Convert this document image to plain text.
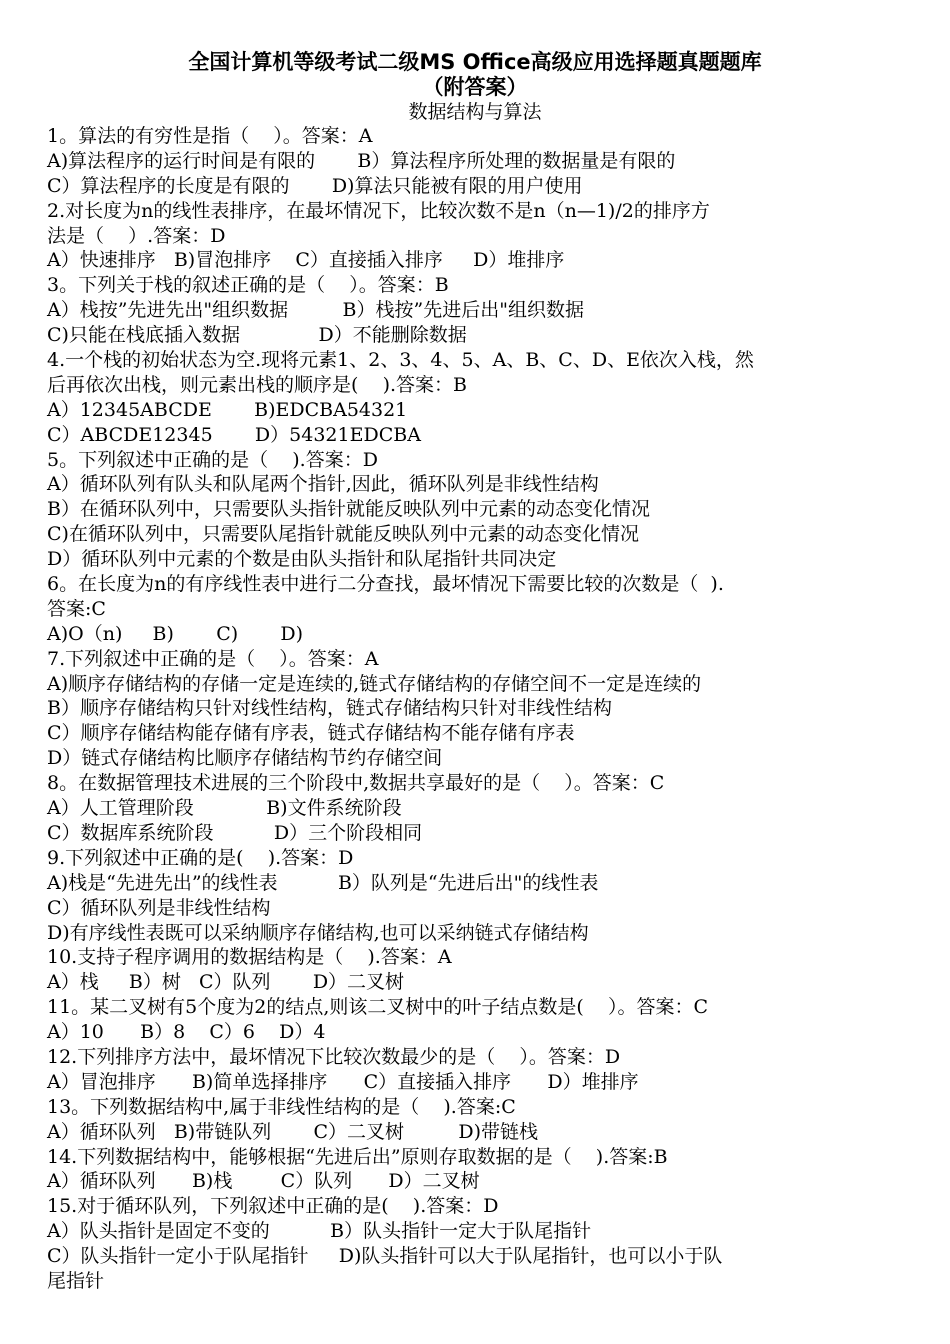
全国计算机等级考试二级MS Office高级应用选择题真题题库
（附答案）
数据结构与算法
1。算法的有穷性是指（    ）。答案：A
A)算法程序的运行时间是有限的       B）算法程序所处理的数据量是有限的
C）算法程序的长度是有限的       D)算法只能被有限的用户使用
2.对长度为n的线性表排序，在最坏情况下，比较次数不是n（n—1)/2的排序方
法是（    ）.答案：D
A）快速排序   B)冒泡排序    C）直接插入排序     D）堆排序
3。下列关于栈的叙述正确的是（    ）。答案：B
A）栈按”先进先出"组织数据         B）栈按”先进后出"组织数据
C)只能在栈底插入数据             D）不能删除数据
4.一个栈的初始状态为空.现将元素1、2、3、4、5、A、B、C、D、E依次入栈，然
后再依次出栈，则元素出栈的顺序是(    ).答案：B
A）12345ABCDE       B)EDCBA54321
C）ABCDE12345       D）54321EDCBA
5。下列叙述中正确的是（    ).答案：D
A）循环队列有队头和队尾两个指针,因此，循环队列是非线性结构
B）在循环队列中，只需要队头指针就能反映队列中元素的动态变化情况
C)在循环队列中，只需要队尾指针就能反映队列中元素的动态变化情况
D）循环队列中元素的个数是由队头指针和队尾指针共同决定
6。在长度为n的有序线性表中进行二分查找，最坏情况下需要比较的次数是（  ).
答案:C
A)O（n)     B)       C)       D)
7.下列叙述中正确的是（    ）。答案：A
A)顺序存储结构的存储一定是连续的,链式存储结构的存储空间不一定是连续的
B）顺序存储结构只针对线性结构，链式存储结构只针对非线性结构
C）顺序存储结构能存储有序表，链式存储结构不能存储有序表
D）链式存储结构比顺序存储结构节约存储空间
8。在数据管理技术进展的三个阶段中,数据共享最好的是（    ）。答案：C
A）人工管理阶段            B)文件系统阶段
C）数据库系统阶段          D）三个阶段相同
9.下列叙述中正确的是(    ).答案：D
A)栈是“先进先出”的线性表          B）队列是“先进后出"的线性表
C）循环队列是非线性结构
D)有序线性表既可以采纳顺序存储结构,也可以采纳链式存储结构
10.支持子程序调用的数据结构是（    ).答案：A
A）栈     B）树   C）队列       D）二叉树
11。某二叉树有5个度为2的结点,则该二叉树中的叶子结点数是(    ）。答案：C
A）10      B）8    C）6    D）4
12.下列排序方法中，最坏情况下比较次数最少的是（    ）。答案：D
A）冒泡排序      B)简单选择排序      C）直接插入排序      D）堆排序
13。下列数据结构中,属于非线性结构的是（    ).答案:C
A）循环队列   B)带链队列       C）二叉树         D)带链栈
14.下列数据结构中，能够根据“先进后出”原则存取数据的是（    ).答案:B
A）循环队列      B)栈        C）队列      D）二叉树
15.对于循环队列，下列叙述中正确的是(    ).答案：D
A）队头指针是固定不变的          B）队头指针一定大于队尾指针
C）队头指针一定小于队尾指针     D)队头指针可以大于队尾指针，也可以小于队
尾指针
